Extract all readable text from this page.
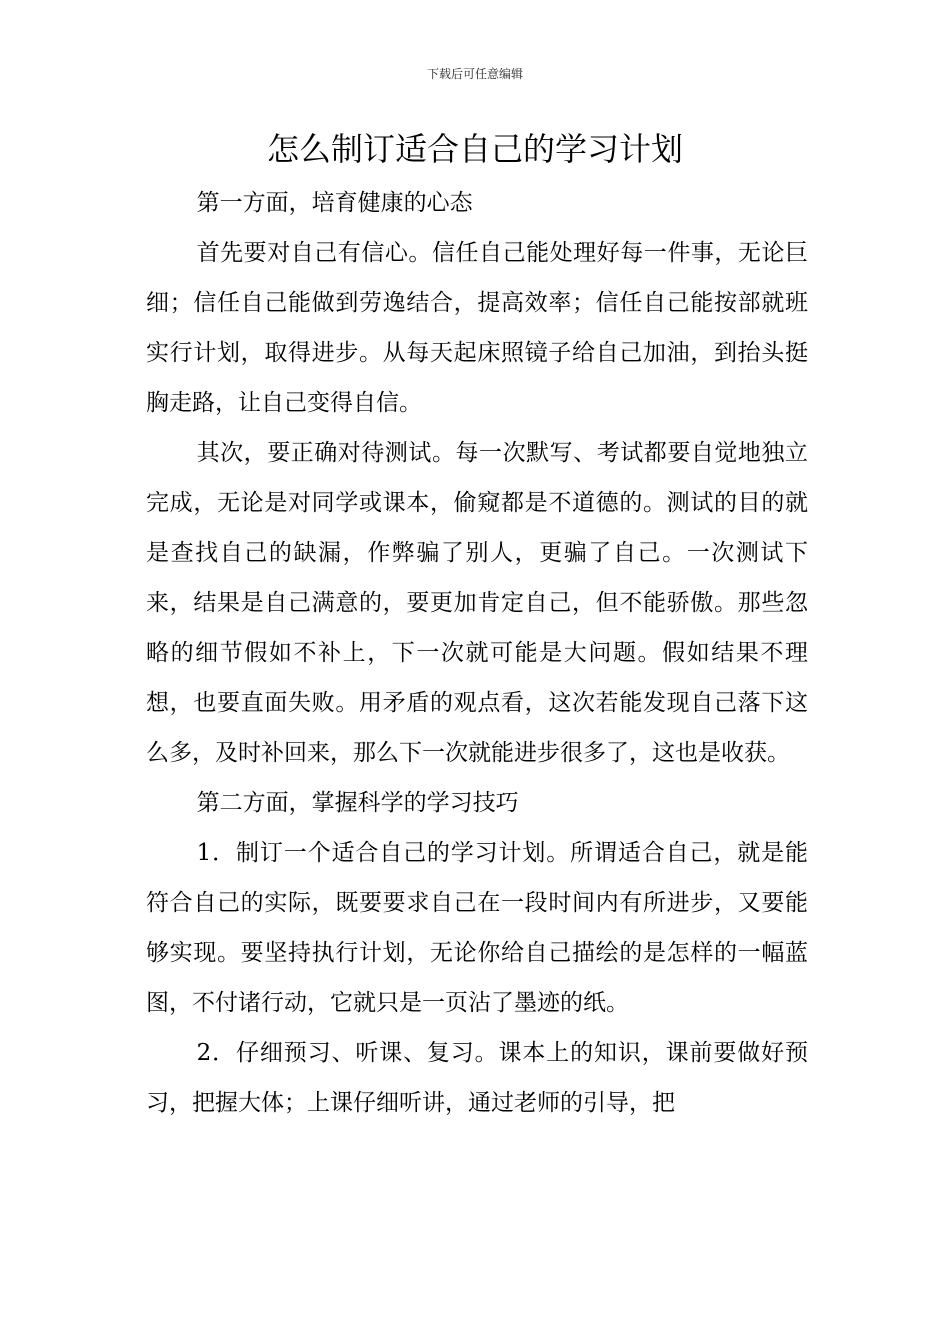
下载后可任意编辑
怎么制订适合自己的学习计划

第一方面，培育健康的心态

首先要对自己有信心。信任自己能处理好每一件事，无论巨细；信任自己能做到劳逸结合，提高效率；信任自己能按部就班实行计划，取得进步。从每天起床照镜子给自己加油，到抬头挺胸走路，让自己变得自信。

其次，要正确对待测试。每一次默写、考试都要自觉地独立完成，无论是对同学或课本，偷窥都是不道德的。测试的目的就是查找自己的缺漏，作弊骗了别人，更骗了自己。一次测试下来，结果是自己满意的，要更加肯定自己，但不能骄傲。那些忽略的细节假如不补上，下一次就可能是大问题。假如结果不理想，也要直面失败。用矛盾的观点看，这次若能发现自己落下这么多，及时补回来，那么下一次就能进步很多了，这也是收获。

第二方面，掌握科学的学习技巧

1．制订一个适合自己的学习计划。所谓适合自己，就是能符合自己的实际，既要要求自己在一段时间内有所进步，又要能够实现。要坚持执行计划，无论你给自己描绘的是怎样的一幅蓝图，不付诸行动，它就只是一页沾了墨迹的纸。

2．仔细预习、听课、复习。课本上的知识，课前要做好预习，把握大体；上课仔细听讲，通过老师的引导，把
